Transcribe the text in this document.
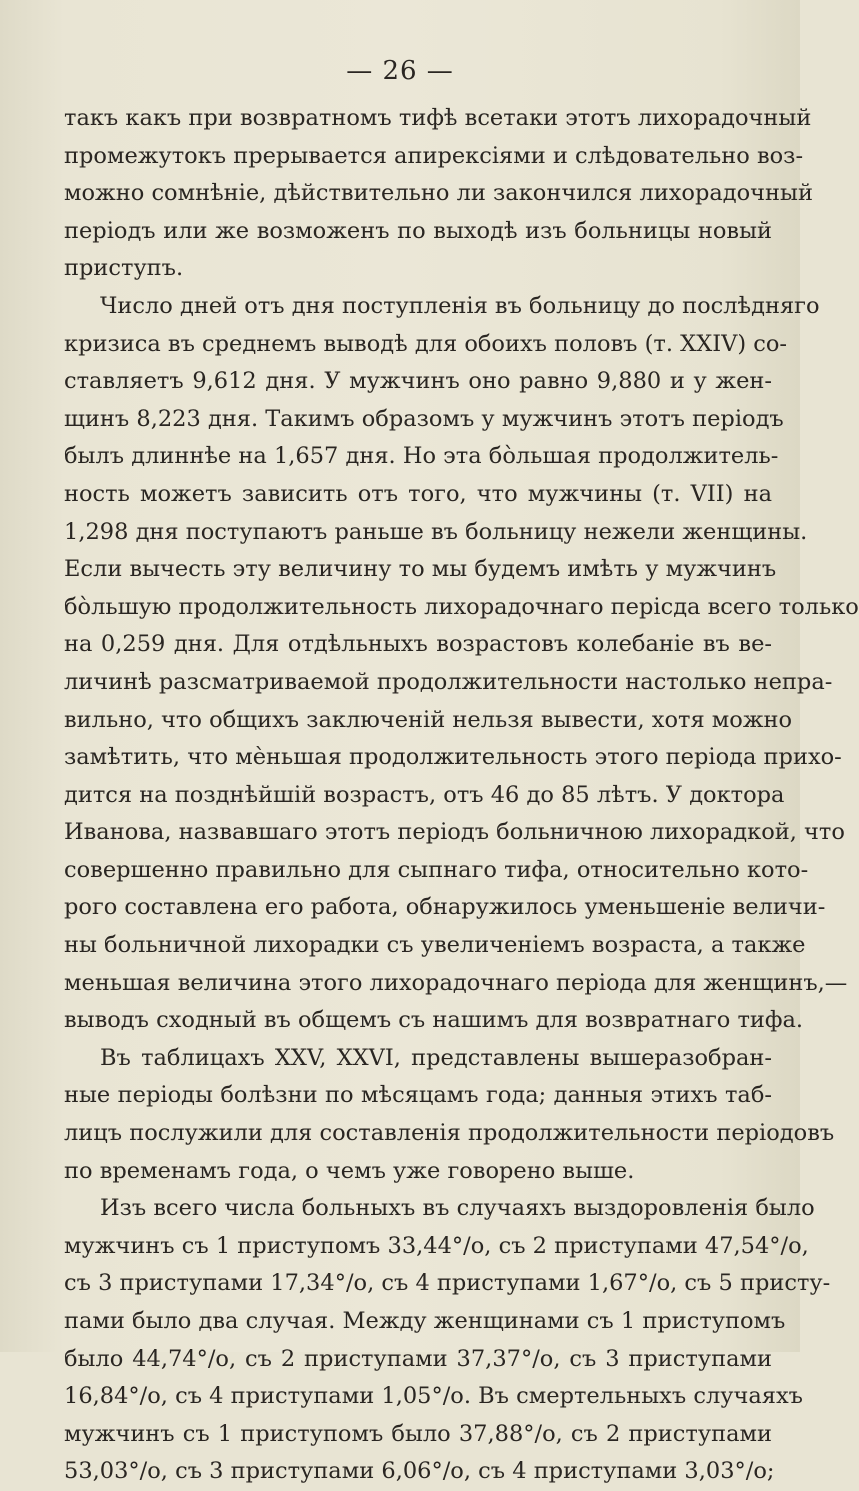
— 26 —
такъ какъ при возвратномъ тифѣ всетаки этотъ лихорадочный
промежутокъ прерывается апирексіями и слѣдовательно воз-
можно сомнѣніе, дѣйствительно ли закончился лихорадочный
періодъ или же возможенъ по выходѣ изъ больницы новый
приступъ.
Число дней отъ дня поступленія въ больницу до послѣдняго
кризиса въ среднемъ выводѣ для обоихъ половъ (т. XXIV) со-
ставляетъ 9,612 дня. У мужчинъ оно равно 9,880 и у жен-
щинъ 8,223 дня. Такимъ образомъ у мужчинъ этотъ періодъ
былъ длиннѣе на 1,657 дня. Но эта бо̀льшая продолжитель-
ность можетъ зависить отъ того, что мужчины (т. VII) на
1,298 дня поступаютъ раньше въ больницу нежели женщины.
Если вычесть эту величину то мы будемъ имѣть у мужчинъ
бо̀льшую продолжительность лихорадочнаго перісда всего только
на 0,259 дня. Для отдѣльныхъ возрастовъ колебаніе въ ве-
личинѣ разсматриваемой продолжительности настолько непра-
вильно, что общихъ заключеній нельзя вывести, хотя можно
замѣтить, что мѐньшая продолжительность этого періода прихо-
дится на позднѣйшій возрастъ, отъ 46 до 85 лѣтъ. У доктора
Иванова, назвавшаго этотъ періодъ больничною лихорадкой, что
совершенно правильно для сыпнаго тифа, относительно кото-
рого составлена его работа, обнаружилось уменьшеніе величи-
ны больничной лихорадки съ увеличеніемъ возраста, а также
меньшая величина этого лихорадочнаго періода для женщинъ,—
выводъ сходный въ общемъ съ нашимъ для возвратнаго тифа.
Въ таблицахъ XXV, XXVI, представлены вышеразобран-
ные періоды болѣзни по мѣсяцамъ года; данныя этихъ таб-
лицъ послужили для составленія продолжительности періодовъ
по временамъ года, о чемъ уже говорено выше.
Изъ всего числа больныхъ въ случаяхъ выздоровленія было
мужчинъ съ 1 приступомъ 33,44°/о, съ 2 приступами 47,54°/о,
съ 3 приступами 17,34°/о, съ 4 приступами 1,67°/о, съ 5 присту-
пами было два случая. Между женщинами съ 1 приступомъ
было 44,74°/о, съ 2 приступами 37,37°/о, съ 3 приступами
16,84°/о, съ 4 приступами 1,05°/о. Въ смертельныхъ случаяхъ
мужчинъ съ 1 приступомъ было 37,88°/о, съ 2 приступами
53,03°/о, съ 3 приступами 6,06°/о, съ 4 приступами 3,03°/о;
